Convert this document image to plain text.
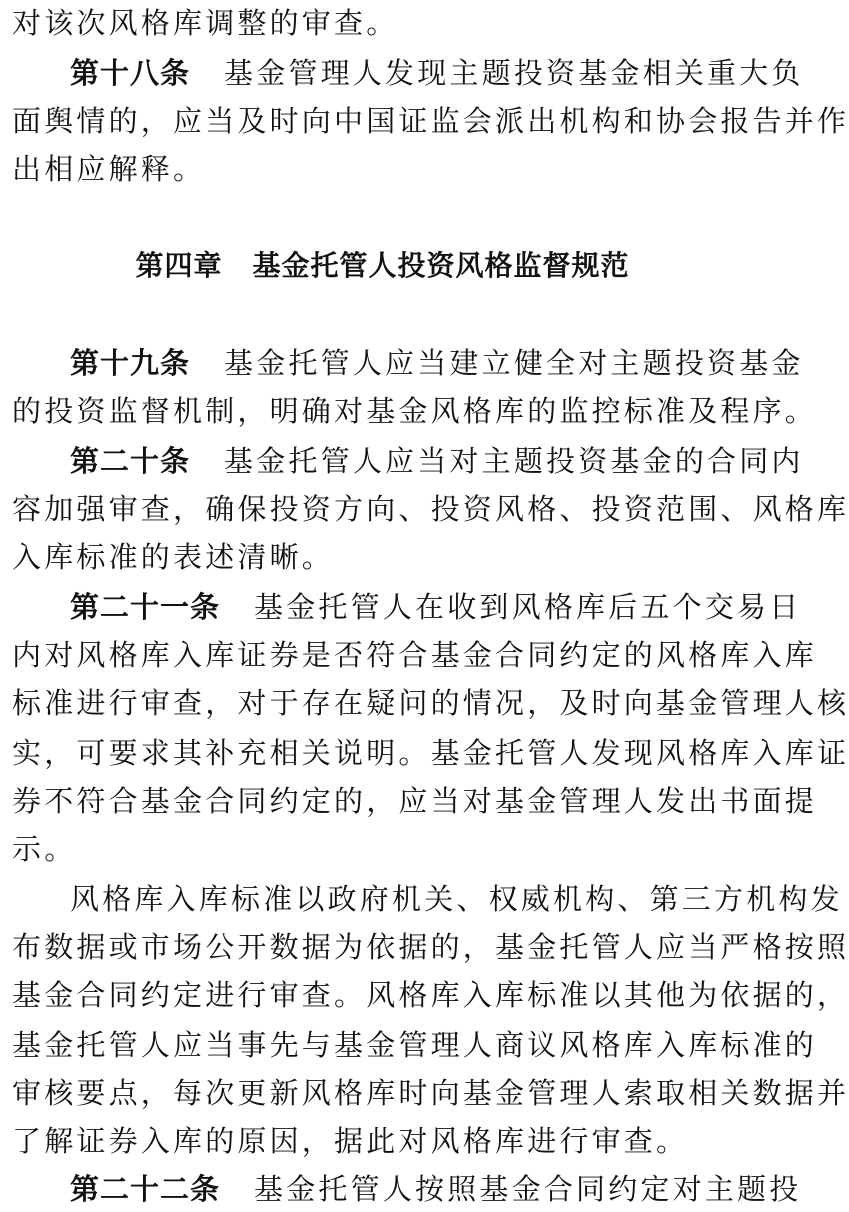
对该次风格库调整的审查。
第十八条 基金管理人发现主题投资基金相关重大负
面舆情的，应当及时向中国证监会派出机构和协会报告并作
出相应解释。
第四章 基金托管人投资风格监督规范
第十九条 基金托管人应当建立健全对主题投资基金
的投资监督机制，明确对基金风格库的监控标准及程序。
第二十条 基金托管人应当对主题投资基金的合同内
容加强审查，确保投资方向、投资风格、投资范围、风格库
入库标准的表述清晰。
第二十一条 基金托管人在收到风格库后五个交易日
内对风格库入库证券是否符合基金合同约定的风格库入库
标准进行审查，对于存在疑问的情况，及时向基金管理人核
实，可要求其补充相关说明。基金托管人发现风格库入库证
券不符合基金合同约定的，应当对基金管理人发出书面提
示。
风格库入库标准以政府机关、权威机构、第三方机构发
布数据或市场公开数据为依据的，基金托管人应当严格按照
基金合同约定进行审查。风格库入库标准以其他为依据的，
基金托管人应当事先与基金管理人商议风格库入库标准的
审核要点，每次更新风格库时向基金管理人索取相关数据并
了解证券入库的原因，据此对风格库进行审查。
第二十二条 基金托管人按照基金合同约定对主题投
